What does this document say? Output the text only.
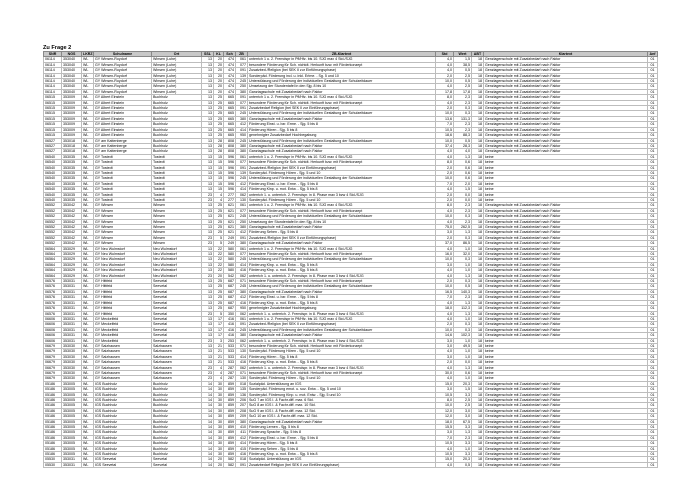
Zu Frage 2
SNR	NGS	LKRZ	Schulname	Ort	SSL	KL	Sch	ZB	ZB-Klartext	Std	Wert	ABT	Klartext	Anf
06114	353040	WL	GY Winsen-Roydorf	Winsen (Luhe)	13	20	474	061	unterrich 1 u. 2. Fremdspr in Pfl/Hfz. bis 10. SJG max 4 Std./SJG	4,0	1,5	18	Genzlagenschule mit Zusatzbedarf nach Faktor	01
06114	353040	WL	GY Winsen-Roydorf	Winsen (Luhe)	13	20	474	077	besondere Förderung für Sch. nichtdt. Herkunft bzw. mit Förderkonzept	4,0	38,5	18	Genzlagenschule mit Zusatzbedarf nach Faktor	01
06114	353040	WL	GY Winsen-Roydorf	Winsen (Luhe)	13	20	474	091	Zusatzbed./Religion (bei SEK II zur Einführungsphase)	4,0	0,5	18	Genzlagenschule mit Zusatzbedarf nach Faktor	01
06114	353040	WL	GY Winsen-Roydorf	Winsen (Luhe)	13	20	474	139	Sonderpäd. Förderung incl. u. inkl. Erlme. - Sg. 5 und 10	2,0	2,5	18	Genzlagenschule mit Zusatzbedarf nach Faktor	01
06114	353040	WL	GY Winsen-Roydorf	Winsen (Luhe)	13	20	474	245	Unterstützung und Förderung der individuellen Gestaltung der Schulzeitdauer	10,0	0,5	18	Genzlagenschule mit Zusatzbedarf nach Faktor	01
06114	353040	WL	GY Winsen-Roydorf	Winsen (Luhe)	13	20	474	250	Umsetzung der Stundentafel in den Sjg. 8 bis 10	4,0	2,5	18	Genzlagenschule mit Zusatzbedarf nach Faktor	01
06114	353040	WL	GY Winsen-Roydorf	Winsen (Luhe)	13	20	474	380	Ganztagsschule mit Zusatzbedarf nach Faktor	17,8	17,8	18	Genzlagenschule mit Zusatzbedarf nach Faktor	01
06515	353009	WL	GY Albert Einstein	Buchholz	13	25	665	091	unterrich 1 u. 2. Fremdspr in Pfl/Hfz. bis 10. SJG max 4 Std./SJG	8,0	2,3	18	Genzlagenschule mit Zusatzbedarf nach Faktor	01
06515	353009	WL	GY Albert Einstein	Buchholz	13	25	665	077	besondere Förderung für Sch. nichtdt. Herkunft bzw. mit Förderkonzept	4,0	2,3	18	Genzlagenschule mit Zusatzbedarf nach Faktor	01
06515	353009	WL	GY Albert Einstein	Buchholz	13	25	665	091	Zusatzbedarf Religion (bei SEK II zur Einführungsphase)	2,0	0,3	18	Genzlagenschule mit Zusatzbedarf nach Faktor	01
06515	353009	WL	GY Albert Einstein	Buchholz	13	25	665	245	Unterstützung und Förderung der individuellen Gestaltung der Schulzeitdauer	10,0	0,3	18	Genzlagenschule mit Zusatzbedarf nach Faktor	01
06515	353009	WL	GY Albert Einstein	Buchholz	13	25	665	380	Ganztagsschule mit Zusatzbedarf nach Faktor	13,6	131,3	18	Genzlagenschule mit Zusatzbedarf nach Faktor	01
06515	353009	WL	GY Albert Einstein	Buchholz	13	25	665	412	Förderung Einst. u. bzr. Erme. - Sjg. 5 bis 8	7,0	2,3	18	Genzlagenschule mit Zusatzbedarf nach Faktor	01
06515	353009	WL	GY Albert Einstein	Buchholz	13	25	665	414	Förderung Hören - Sjg. 5 bis 8	10,5	2,3	18	Genzlagenschule mit Zusatzbedarf nach Faktor	01
06515	353009	WL	GY Albert Einstein	Buchholz	13	25	665	950	genehmigter Zusatzbedarf Hochbegabung	18,6	88,3	18	Genzlagenschule mit Zusatzbedarf nach Faktor	01
06527	353018	WL	GY am Kattenberge	Buchholz	13	28	808	245	Unterstützung und Förderung der individuellen Gestaltung der Schulzeitdauer	10,0	0,5	18	Genzlagenschule mit Zusatzbedarf nach Faktor	01
06527	353018	WL	GY am Kattenberge	Buchholz	13	28	808	380	Ganztagsschule mit Zusatzbedarf nach Faktor	37,4	28,3	18	Genzlagenschule mit Zusatzbedarf nach Faktor	01
06527	353018	WL	GY am Kattenberge	Buchholz	13	28	808	380	Ganztagsschule mit Zusatzbedarf nach Faktor	4,0	4,0	18	Genzlagenschule mit Zusatzbedarf nach Faktor	01
06540	353035	WL	GY Tostedt	Tostedt	13	15	596	061	unterrich 1 u. 2. Fremdspr in Pfl/Hfz. bis 10. SJG max 4 Std./SJG	4,0	1,3	18	keine	01
06540	353035	WL	GY Tostedt	Tostedt	13	15	596	077	besondere Förderung für Sch. nichtdt. Herkunft bzw. mit Förderkonzept	8,0	0,6	18	keine	01
06540	353035	WL	GY Tostedt	Tostedt	13	15	596	091	Zusatzbed./Religion (bei SEK II zur Einführungsphase)	2,0	0,6	18	keine	01
06540	353035	WL	GY Tostedt	Tostedt	13	15	596	139	Sonderpäd. Förderung Hören - Sjg. 5 und 10	2,0	0,6	18	keine	01
06540	353035	WL	GY Tostedt	Tostedt	13	15	596	245	Unterstützung und Förderung der individuellen Gestaltung der Schulzeitdauer	10,0	0,6	18	keine	01
06540	353035	WL	GY Tostedt	Tostedt	13	15	596	412	Förderung Einst. u. bzr. Erme. - Sjg. 5 bis 8	7,0	2,0	18	keine	01
06540	353035	WL	GY Tostedt	Tostedt	13	15	596	414	Förderung Klnp. u. mot. Entw. - Sjg. 5 bis 8	4,0	1,5	18	keine	01
06540	353035	WL	GY Tostedt	Tostedt	23	4	277	062	unterrich 1. u. unterrich. 2. Fremdspr. in 8. Phase max 3 bzw 4 Std./SJG	2,0	0,0	18	keine	01
06540	353035	WL	GY Tostedt	Tostedt	23	4	277	130	Sonderpäd. Förderung Hören - Sjg. 5 und 10	2,0	0,0	18	keine	01
06552	353042	WL	GY Winsen	Winsen	13	25	621	061	unterrich 1 u. 2. Fremdspr in Pfl/Hfz. bis 10. SJG max 4 Std./SJG	8,0	2,3	18	Genzlagenschule mit Zusatzbedarf nach Faktor	01
06552	353042	WL	GY Winsen	Winsen	13	25	621	077	besondere Förderung für Sch. nichtdt. Herkunft bzw. mit Förderkonzept	4,0	2,3	18	Genzlagenschule mit Zusatzbedarf nach Faktor	01
06552	353042	WL	GY Winsen	Winsen	13	25	621	245	Unterstützung und Förderung der individuellen Gestaltung der Schulzeitdauer	10,0	0,3	18	Genzlagenschule mit Zusatzbedarf nach Faktor	01
06552	353042	WL	GY Winsen	Winsen	13	25	621	250	Umsetzung der Stundentafel in den Sjg. 8 bis 10	4,0	2,3	18	Genzlagenschule mit Zusatzbedarf nach Faktor	01
06552	353042	WL	GY Winsen	Winsen	13	25	621	380	Ganztagsschule mit Zusatzbedarf nach Faktor	75,0	262,5	18	Genzlagenschule mit Zusatzbedarf nach Faktor	01
06552	353042	WL	GY Winsen	Winsen	13	25	621	412	Förderung Sehen - Sjg. 5 bis 8	3,0	1,3	18	Genzlagenschule mit Zusatzbedarf nach Faktor	01
06552	353042	WL	GY Winsen	Winsen	23	5	249	091	Zusatzbed./Religion (bei SEK II zur Einführungsphase)	2,0	0,3	18	Genzlagenschule mit Zusatzbedarf nach Faktor	01
06552	353042	WL	GY Winsen	Winsen	23	5	249	380	Ganztagsschule mit Zusatzbedarf nach Faktor	37,0	86,5	18	Genzlagenschule mit Zusatzbedarf nach Faktor	01
06564	353029	WL	GY Neu Wulmstorf	Neu Wulmstorf	13	22	580	061	unterrich 1 u. 2. Fremdspr in Pfl/Hfz. bis 10. SJG max 4 Std./SJG	4,0	1,0	18	Genzlagenschule mit Zusatzbedarf nach Faktor	01
06564	353029	WL	GY Neu Wulmstorf	Neu Wulmstorf	13	22	580	077	besondere Förderung für Sch. nichtdt. Herkunft bzw. mit Förderkonzept	16,0	32,0	18	Genzlagenschule mit Zusatzbedarf nach Faktor	01
06564	353029	WL	GY Neu Wulmstorf	Neu Wulmstorf	13	22	580	245	Unterstützung und Förderung der individuellen Gestaltung der Schulzeitdauer	10,0	0,3	18	Genzlagenschule mit Zusatzbedarf nach Faktor	01
06564	353029	WL	GY Neu Wulmstorf	Neu Wulmstorf	13	22	580	414	Förderung Klnp. u. mot. Entw. - Sjg. 5 bis 8	3,0	1,0	18	Genzlagenschule mit Zusatzbedarf nach Faktor	01
06564	353029	WL	GY Neu Wulmstorf	Neu Wulmstorf	13	22	580	416	Förderung Klnp. u. mot. Entw. - Sjg. 5 bis 8	4,0	1,0	18	Genzlagenschule mit Zusatzbedarf nach Faktor	01
06564	353029	WL	GY Neu Wulmstorf	Neu Wulmstorf	23	20	542	062	unterrich 1. u. unterrich. 2. Fremdspr. in 8. Phase max 3 bzw 4 Std./SJG	4,0	1,3	18	Genzlagenschule mit Zusatzbedarf nach Faktor	01
06576	353031	WL	GY Hittfeld	Seevetal	13	25	687	071	besondere Förderung für Sch. nichtdt. Herkunft bzw. mit Förderkonzept	2,0	0,3	18	Genzlagenschule mit Zusatzbedarf nach Faktor	01
06576	353031	WL	GY Hittfeld	Seevetal	13	25	687	245	Unterstützung und Förderung der individuellen Gestaltung der Schulzeitdauer	10,0	0,5	18	Genzlagenschule mit Zusatzbedarf nach Faktor	01
06576	353031	WL	GY Hittfeld	Seevetal	13	25	687	380	Ganztagsschule mit Zusatzbedarf nach Faktor	16,5	140,3	18	Genzlagenschule mit Zusatzbedarf nach Faktor	01
06576	353031	WL	GY Hittfeld	Seevetal	13	25	687	412	Förderung Einst. u. bzr. Erme. - Sjg. 5 bis 8	7,0	2,3	18	Genzlagenschule mit Zusatzbedarf nach Faktor	01
06576	353031	WL	GY Hittfeld	Seevetal	13	25	687	416	Förderung Klnp. u. mot. Entw. - Sjg. 5 bis 8	4,0	1,3	18	Genzlagenschule mit Zusatzbedarf nach Faktor	01
06576	353031	WL	GY Hittfeld	Seevetal	13	25	687	950	genehmigter Zusatzbedarf Hochbegabung	18,0	112,3	18	Genzlagenschule mit Zusatzbedarf nach Faktor	01
06576	353031	WL	GY Hittfeld	Seevetal	23	5	350	062	unterrich 1. u. unterrich. 2. Fremdspr. in 8. Phase max 3 bzw 4 Std./SJG	4,0	1,3	18	Genzlagenschule mit Zusatzbedarf nach Faktor	01
06606	353031	WL	GY Meckelfeld	Seevetal	13	17	416	061	unterrich 1 u. 2. Fremdspr in Pfl/Hfz. bis 10. SJG max 4 Std./SJG	4,0	1,0	18	Genzlagenschule mit Zusatzbedarf nach Faktor	01
06606	353031	WL	GY Meckelfeld	Seevetal	13	17	416	091	Zusatzbed./Religion (bei SEK II zur Einführungsphase)	2,0	0,3	18	Genzlagenschule mit Zusatzbedarf nach Faktor	01
06606	353031	WL	GY Meckelfeld	Seevetal	13	17	416	245	Unterstützung und Förderung der individuellen Gestaltung der Schulzeitdauer	10,0	0,3	18	Genzlagenschule mit Zusatzbedarf nach Faktor	01
06606	353031	WL	GY Meckelfeld	Seevetal	13	17	416	380	Ganztagsschule mit Zusatzbedarf nach Faktor	14,6	102,3	18	Genzlagenschule mit Zusatzbedarf nach Faktor	01
06606	353031	WL	GY Meckelfeld	Seevetal	23	3	253	062	unterrich 1. u. unterrich. 2. Fremdspr. in 8. Phase max 3 bzw 4 Std./SJG	3,0	1,0	18	keine	01
06679	353030	WL	GY Salzhausen	Salzhausen	13	21	533	071	besondere Förderung für Sch. nichtdt. Herkunft bzw. mit Förderkonzept	3,0	49,5	18	keine	01
06679	353030	WL	GY Salzhausen	Salzhausen	13	21	533	130	Sonderpäd. Förderung Hören - Sjg. 5 und 10	4,0	1,0	18	keine	01
06679	353030	WL	GY Salzhausen	Salzhausen	13	21	533	414	Förderung Hören - Sjg. 5 bis 8	3,0	1,0	18	keine	01
06679	353030	WL	GY Salzhausen	Salzhausen	13	21	533	416	Förderung Klnp. u. mot. Entw. - Sjg. 5 bis 8	2,0	0,0	18	keine	01
06679	353030	WL	GY Salzhausen	Salzhausen	23	4	287	062	unterrich 1. u. unterrich. 2. Fremdspr. in 8. Phase max 3 bzw 4 Std./SJG	4,0	1,3	18	keine	01
06679	353030	WL	GY Salzhausen	Salzhausen	23	4	287	071	besondere Förderung für Sch. nichtdt. Herkunft bzw. mit Förderkonzept	30,0	0,6	18	keine	01
06679	353030	WL	GY Salzhausen	Salzhausen	23	4	287	130	Sonderpäd. Förderung Hören - Sjg. 5 und 10	4,0	1,0	18	keine	01
05186	353005	WL	IGS Buchholz	Buchholz	14	30	859	018	Sozialpäd. Unterstützung an IGS	15,0	20,3	18	Genzlagenschule mit Zusatzbedarf nach Faktor	01
05186	353005	WL	IGS Buchholz	Buchholz	14	30	859	135	Sonderpäd. Förderung emot. u. soz. Entw. - Sjg. 5 und 10	3,0	1,5	18	Genzlagenschule mit Zusatzbedarf nach Faktor	01
05186	353005	WL	IGS Buchholz	Buchholz	14	30	859	136	Sonderpäd. Förderung Klnp. u. mot. Entw. - Sjg. 5 und 10	10,5	3,3	18	Genzlagenschule mit Zusatzbedarf nach Faktor	01
05186	353005	WL	IGS Buchholz	Buchholz	14	30	859	206	SuG 7 an IGS I. & Fachr.diff. max. 6 Std.	8,0	2,5	18	Genzlagenschule mit Zusatzbedarf nach Faktor	01
05186	353005	WL	IGS Buchholz	Buchholz	14	30	859	207	SuG 8 an IGS I. & Fachr.diff. max. 10 Std.	10,0	2,5	18	Genzlagenschule mit Zusatzbedarf nach Faktor	01
05186	353005	WL	IGS Buchholz	Buchholz	14	30	859	208	SuG 9 an IGS I. & Fachr.diff. max. 12 Std.	12,0	3,0	18	Genzlagenschule mit Zusatzbedarf nach Faktor	01
05186	353005	WL	IGS Buchholz	Buchholz	14	30	859	209	SuG 10 an IGS I. & Fachr.diff. max. 12 Std.	12,0	3,0	18	Genzlagenschule mit Zusatzbedarf nach Faktor	01
05186	353005	WL	IGS Buchholz	Buchholz	14	30	859	380	Ganztagsschule mit Zusatzbedarf nach Faktor	18,0	67,5	18	Genzlagenschule mit Zusatzbedarf nach Faktor	01
05186	353005	WL	IGS Buchholz	Buchholz	14	30	859	410	Förderung Lernen - Sjg. 5 bis 8	15,5	3,3	18	Genzlagenschule mit Zusatzbedarf nach Faktor	01
05186	353005	WL	IGS Buchholz	Buchholz	14	30	859	411	Förderung Sprache - Sjg. 5 bis 8	3,0	1,3	18	Genzlagenschule mit Zusatzbedarf nach Faktor	01
05186	353005	WL	IGS Buchholz	Buchholz	14	30	859	412	Förderung Einst. u. bzr. Erme. - Sjg. 5 bis 8	7,0	2,3	18	Genzlagenschule mit Zusatzbedarf nach Faktor	01
05186	353005	WL	IGS Buchholz	Buchholz	14	30	859	414	Förderung Hören - Sjg. 5 bis 8	10,5	3,3	18	Genzlagenschule mit Zusatzbedarf nach Faktor	01
05186	353005	WL	IGS Buchholz	Buchholz	14	30	859	415	Förderung Sehen - Sjg. 5 bis 8	4,0	1,0	18	Genzlagenschule mit Zusatzbedarf nach Faktor	01
05186	353005	WL	IGS Buchholz	Buchholz	14	30	859	416	Förderung Klnp. u. mot. Entw. - Sjg. 5 bis 8	10,5	3,3	18	Genzlagenschule mit Zusatzbedarf nach Faktor	01
05530	353031	WL	IGS Seevetal	Seevetal	14	20	582	018	Sozialpäd. Unterstützung an IGS	15,0	20,3	18	Genzlagenschule mit Zusatzbedarf nach Faktor	01
05530	353031	WL	IGS Seevetal	Seevetal	14	20	582	091	Zusatzbedarf Religion (bei SEK II zur Einführungsphase)	4,0	0,5	18	Genzlagenschule mit Zusatzbedarf nach Faktor	01
